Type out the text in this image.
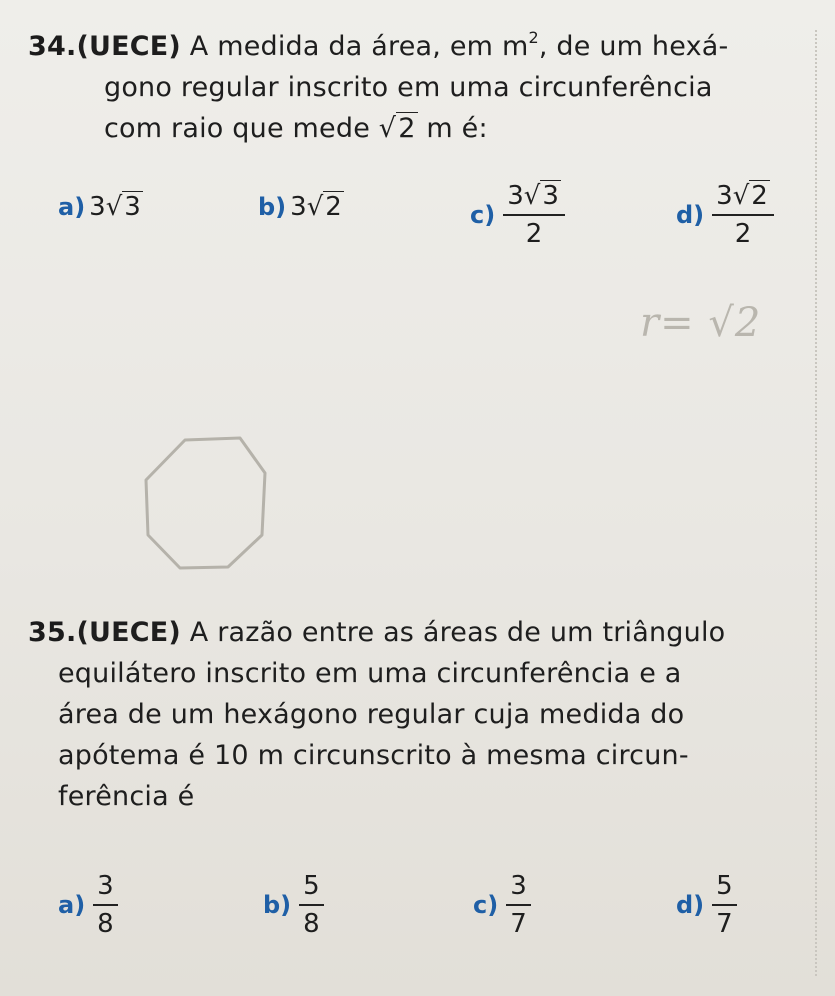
34.(UECE) A medida da área, em $m^2$, de um hexá-
gono regular inscrito em uma circunferência
com raio que mede √2 m é:
a) 3 √3	b) 3 √2	$c) \frac{3√3}{2}$	$d) \frac{3√2}{2}$
r= √2
35.(UECE) A razão entre as áreas de um triângulo
equilátero inscrito em uma circunferência e a
área de um hexágono regular cuja medida do
apótema é 10 m circunscrito à mesma circun-
ferência é
$a) \frac{3}{8}$	$b) \frac{5}{8}$	$c) \frac{3}{7}$	$d) \frac{5}{7}$
